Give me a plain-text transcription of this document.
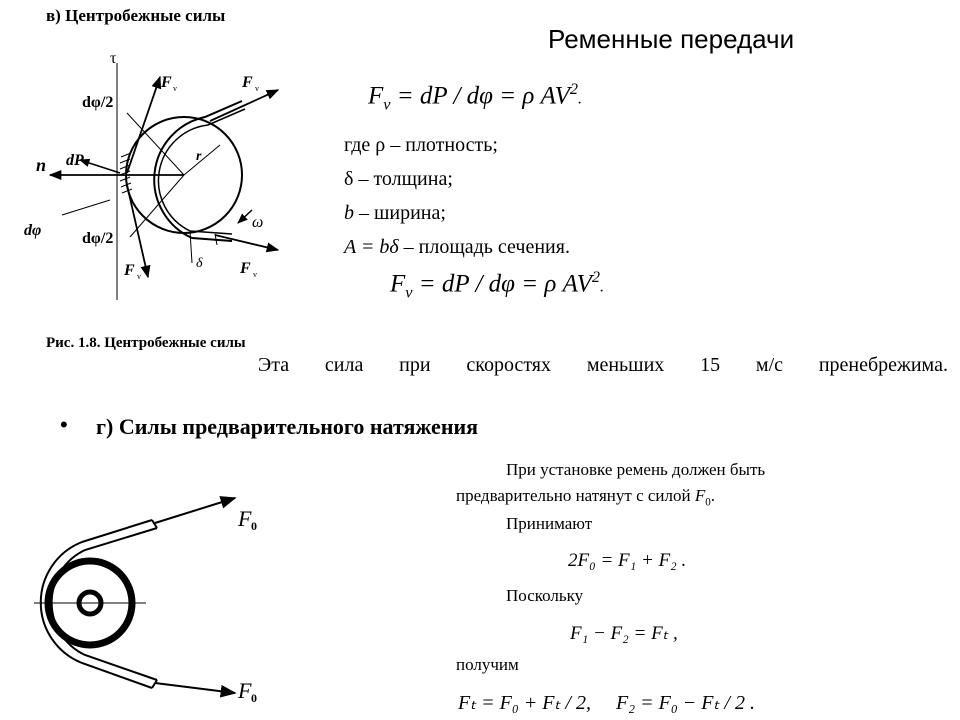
в) Центробежные силы
Ременные передачи
τ
F v	F v
dφ/2
r
n dP
dφ	dφ/2
ω
δ
F v	F v
$F_v$ = dP / dφ = ρ $AV^2$.
где ρ – плотность;
δ – толщина;
b – ширина;
A = bδ – площадь сечения.
$F_v$ = dP / dφ = ρ $AV^2$.
Рис. 1.8. Центробежные силы
Эта сила при скоростях меньших 15 м/с пренебрежима.
• г) Силы предварительного натяжения
F 0
F 0
При установке ремень должен быть
предварительно натянут с силой $F_0$.
Принимают
2F₀ = F₁ + F₂ .
Поскольку
F₁ − F₂ = Fₜ ,
получим
Fₜ = F₀ + Fₜ / 2,     F₂ = F₀ − Fₜ / 2 .
